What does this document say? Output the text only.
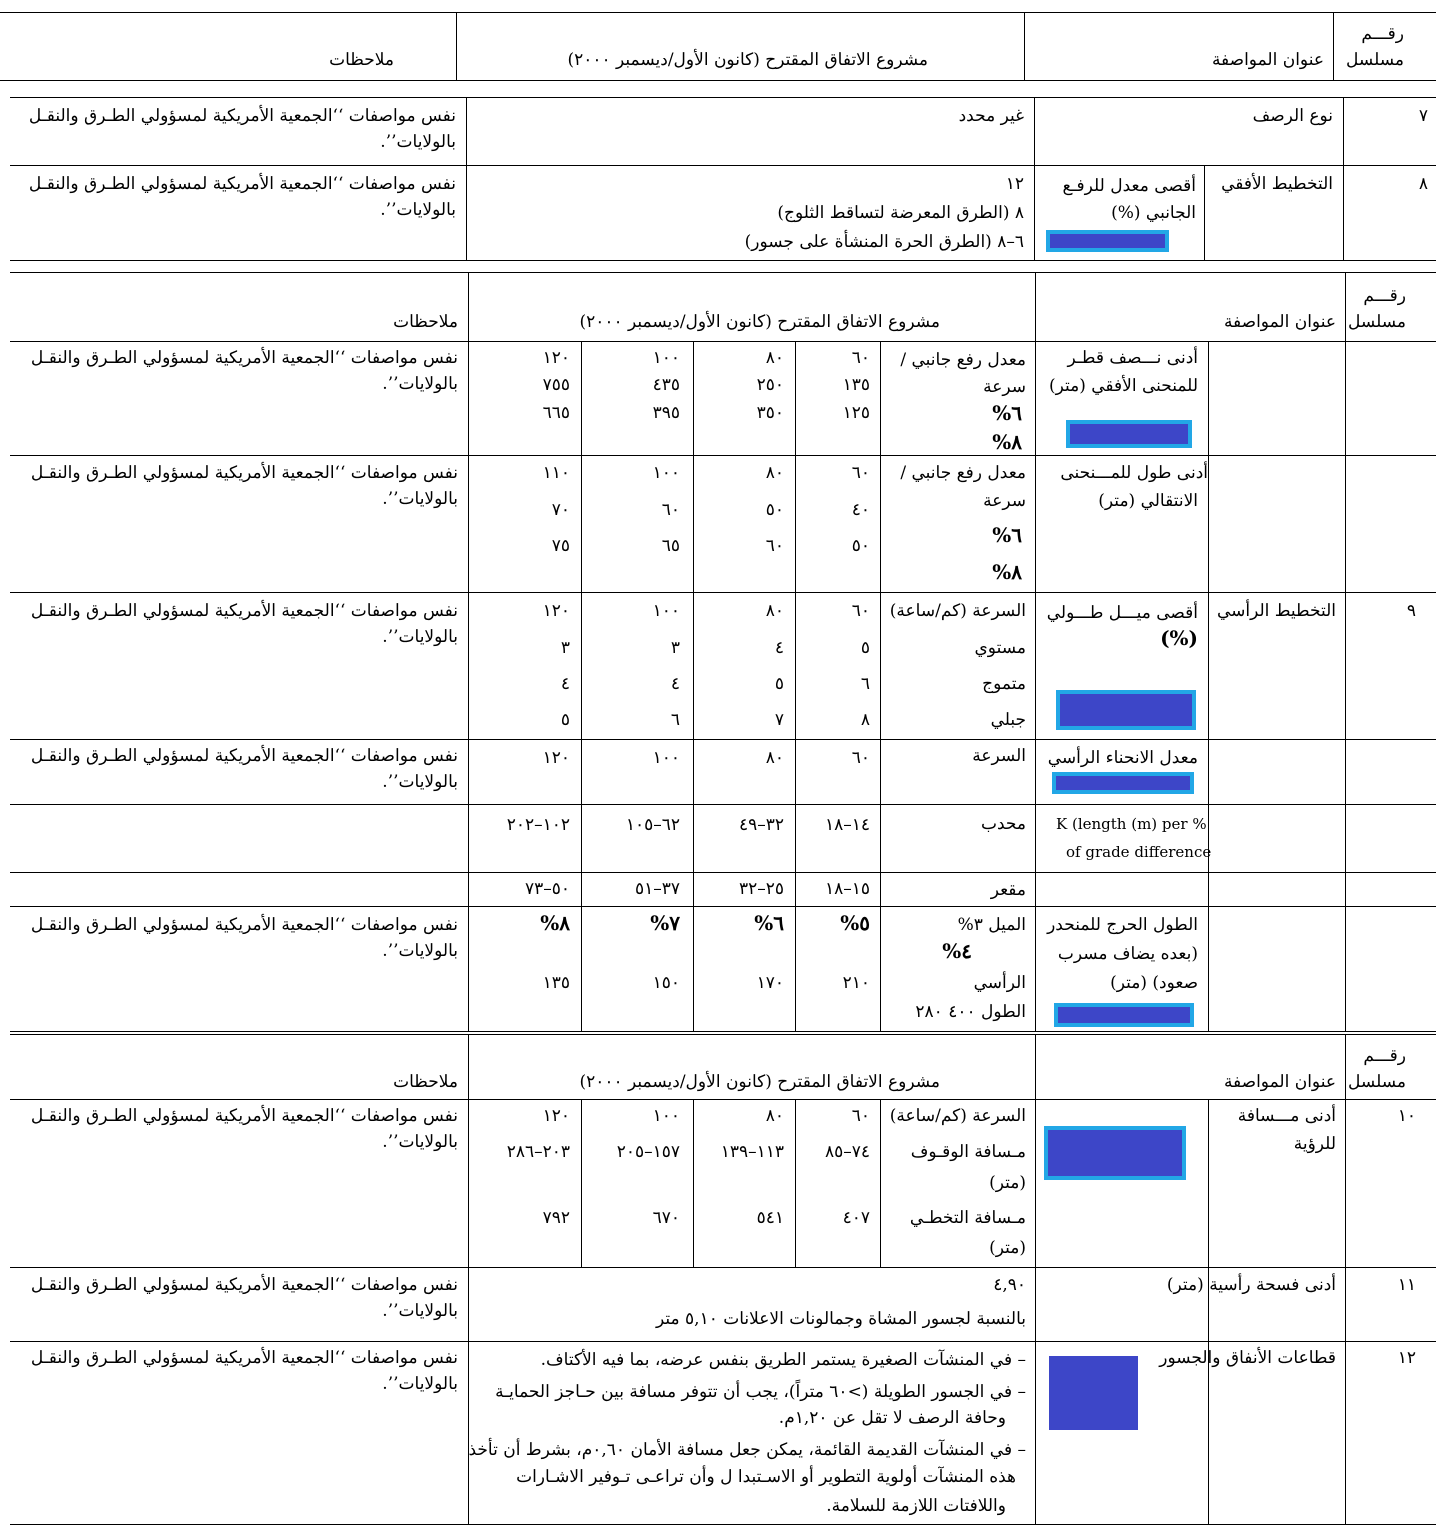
رقـــم
مسلسل
عنوان المواصفة
مشروع الاتفاق المقترح (كانون الأول/ديسمبر ٢٠٠٠)
ملاحظات
٧
نوع الرصف
غير محدد
نفس مواصفات ‘‘الجمعية الأمريكية لمسؤولي الطـرق والنقـل
بالولايات’’.
٨
التخطيط الأفقي
أقصى معدل للرفـع
الجانبي (%)
١٢
٨ (الطرق المعرضة لتساقط الثلوج)
٦–٨ (الطرق الحرة المنشأة على جسور)
نفس مواصفات ‘‘الجمعية الأمريكية لمسؤولي الطـرق والنقـل
بالولايات’’.
رقـــم
مسلسل
عنوان المواصفة
مشروع الاتفاق المقترح (كانون الأول/ديسمبر ٢٠٠٠)
ملاحظات
أدنى نـــصف قطـر
للمنحنى الأفقي (متر)
معدل رفع جانبي /
سرعة
٦%
٨%
٦٠
٨٠
١٠٠
١٢٠
١٣٥
٢٥٠
٤٣٥
٧٥٥
١٢٥
٣٥٠
٣٩٥
٦٦٥
نفس مواصفات ‘‘الجمعية الأمريكية لمسؤولي الطـرق والنقـل
بالولايات’’.
أدنى طول للمـــنحنى
الانتقالي (متر)
معدل رفع جانبي /
سرعة
٦%
٨%
٦٠
٨٠
١٠٠
١١٠
٤٠
٥٠
٦٠
٧٠
٥٠
٦٠
٦٥
٧٥
نفس مواصفات ‘‘الجمعية الأمريكية لمسؤولي الطـرق والنقـل
بالولايات’’.
٩
التخطيط الرأسي
أقصى ميـــل طـــولي
(%)
السرعة (كم/ساعة)
مستوي
متموج
جبلي
٦٠
٨٠
١٠٠
١٢٠
٥
٤
٣
٣
٦
٥
٤
٤
٨
٧
٦
٥
نفس مواصفات ‘‘الجمعية الأمريكية لمسؤولي الطـرق والنقـل
بالولايات’’.
معدل الانحناء الرأسي
السرعة
٦٠
٨٠
١٠٠
١٢٠
نفس مواصفات ‘‘الجمعية الأمريكية لمسؤولي الطـرق والنقـل
بالولايات’’.
K (length (m) per %
of grade difference
محدب
١٤–١٨
٣٢–٤٩
٦٢–١٠٥
١٠٢–٢٠٢
مقعر
١٥–١٨
٢٥–٣٢
٣٧–٥١
٥٠–٧٣
الطول الحرج للمنحدر
(بعده يضاف مسرب
صعود) (متر)
الميل ٣%
٤%
الرأسي
الطول ٤٠٠ ٢٨٠
٥%
٦%
٧%
٨%
٢١٠
١٧٠
١٥٠
١٣٥
نفس مواصفات ‘‘الجمعية الأمريكية لمسؤولي الطـرق والنقـل
بالولايات’’.
رقـــم
مسلسل
عنوان المواصفة
مشروع الاتفاق المقترح (كانون الأول/ديسمبر ٢٠٠٠)
ملاحظات
١٠
أدنى مـــسافة
للرؤية
السرعة (كم/ساعة)
مـسافة الوقـوف
(متر)
مـسافة التخطـي
(متر)
٦٠
٨٠
١٠٠
١٢٠
٧٤–٨٥
١١٣–١٣٩
١٥٧–٢٠٥
٢٠٣–٢٨٦
٤٠٧
٥٤١
٦٧٠
٧٩٢
نفس مواصفات ‘‘الجمعية الأمريكية لمسؤولي الطـرق والنقـل
بالولايات’’.
١١
أدنى فسحة رأسية (متر)
٤,٩٠
بالنسبة لجسور المشاة وجمالونات الاعلانات ٥,١٠ متر
نفس مواصفات ‘‘الجمعية الأمريكية لمسؤولي الطـرق والنقـل
بالولايات’’.
١٢
قطاعات الأنفاق والجسور
– في المنشآت الصغيرة يستمر الطريق بنفس عرضه، بما فيه الأكتاف.
– في الجسور الطويلة (>٦٠ متراً)، يجب أن تتوفر مسافة بين حـاجز الحمايـة
وحافة الرصف لا تقل عن ١,٢٠م.
– في المنشآت القديمة القائمة، يمكن جعل مسافة الأمان ٠,٦٠م، بشرط أن تأخذ
هذه المنشآت أولوية التطوير أو الاسـتبدا ل وأن تراعـى تـوفير الاشـارات
واللافتات اللازمة للسلامة.
نفس مواصفات ‘‘الجمعية الأمريكية لمسؤولي الطـرق والنقـل
بالولايات’’.
